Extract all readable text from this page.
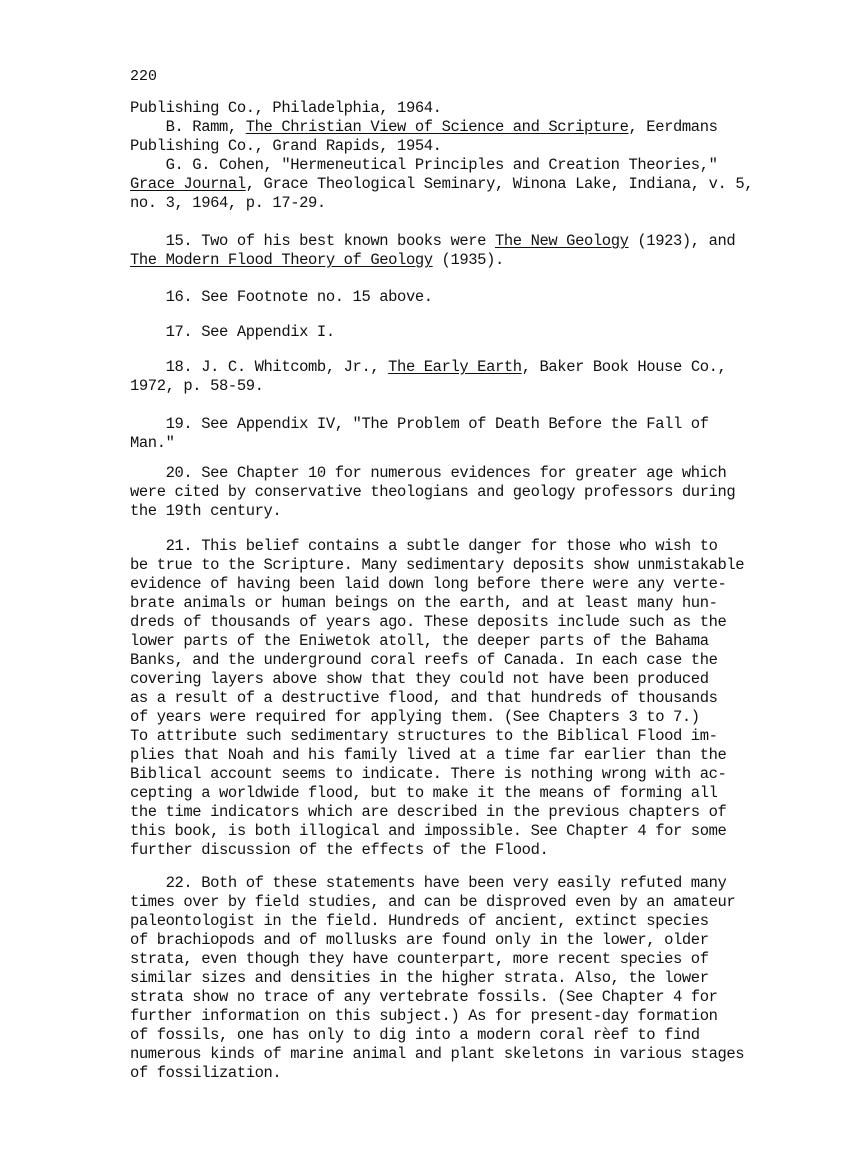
220
Publishing Co., Philadelphia, 1964.
B. Ramm, The Christian View of Science and Scripture, Eerdmans
Publishing Co., Grand Rapids, 1954.
G. G. Cohen, "Hermeneutical Principles and Creation Theories,"
Grace Journal, Grace Theological Seminary, Winona Lake, Indiana, v. 5,
no. 3, 1964, p. 17-29.
15. Two of his best known books were The New Geology (1923), and
The Modern Flood Theory of Geology (1935).
16. See Footnote no. 15 above.
17. See Appendix I.
18. J. C. Whitcomb, Jr., The Early Earth, Baker Book House Co.,
1972, p. 58-59.
19. See Appendix IV, "The Problem of Death Before the Fall of
Man."
20. See Chapter 10 for numerous evidences for greater age which
were cited by conservative theologians and geology professors during
the 19th century.
21. This belief contains a subtle danger for those who wish to
be true to the Scripture. Many sedimentary deposits show unmistakable
evidence of having been laid down long before there were any verte-
brate animals or human beings on the earth, and at least many hun-
dreds of thousands of years ago. These deposits include such as the
lower parts of the Eniwetok atoll, the deeper parts of the Bahama
Banks, and the underground coral reefs of Canada. In each case the
covering layers above show that they could not have been produced
as a result of a destructive flood, and that hundreds of thousands
of years were required for applying them. (See Chapters 3 to 7.)
To attribute such sedimentary structures to the Biblical Flood im-
plies that Noah and his family lived at a time far earlier than the
Biblical account seems to indicate. There is nothing wrong with ac-
cepting a worldwide flood, but to make it the means of forming all
the time indicators which are described in the previous chapters of
this book, is both illogical and impossible. See Chapter 4 for some
further discussion of the effects of the Flood.
22. Both of these statements have been very easily refuted many
times over by field studies, and can be disproved even by an amateur
paleontologist in the field. Hundreds of ancient, extinct species
of brachiopods and of mollusks are found only in the lower, older
strata, even though they have counterpart, more recent species of
similar sizes and densities in the higher strata. Also, the lower
strata show no trace of any vertebrate fossils. (See Chapter 4 for
further information on this subject.) As for present-day formation
of fossils, one has only to dig into a modern coral rèef to find
numerous kinds of marine animal and plant skeletons in various stages
of fossilization.
